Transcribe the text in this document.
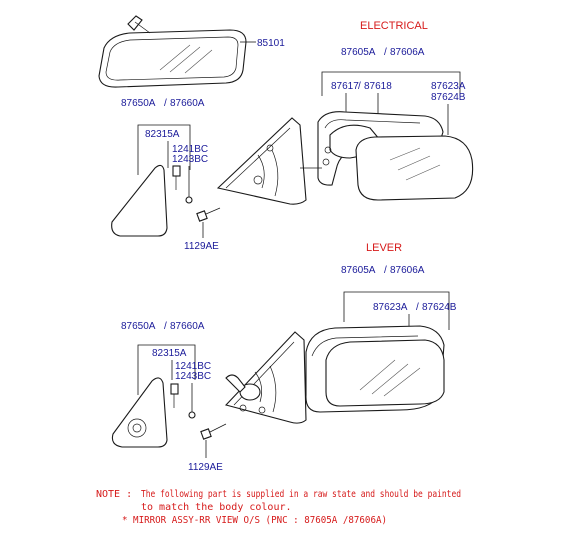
ELECTRICAL
85101
87605A / 87606A
87617 / 87618	87623A
87624B
87650A / 87660A
82315A
1241BC
1243BC
1129AE	LEVER
87605A / 87606A
87623A / 87624B
87650A / 87660A
82315A
1241BC
1243BC
1129AE
NOTE : The following part is supplied in a raw state and should be painted
to match the body colour.
* MIRROR ASSY-RR VIEW O/S (PNC : 87605A /87606A)
